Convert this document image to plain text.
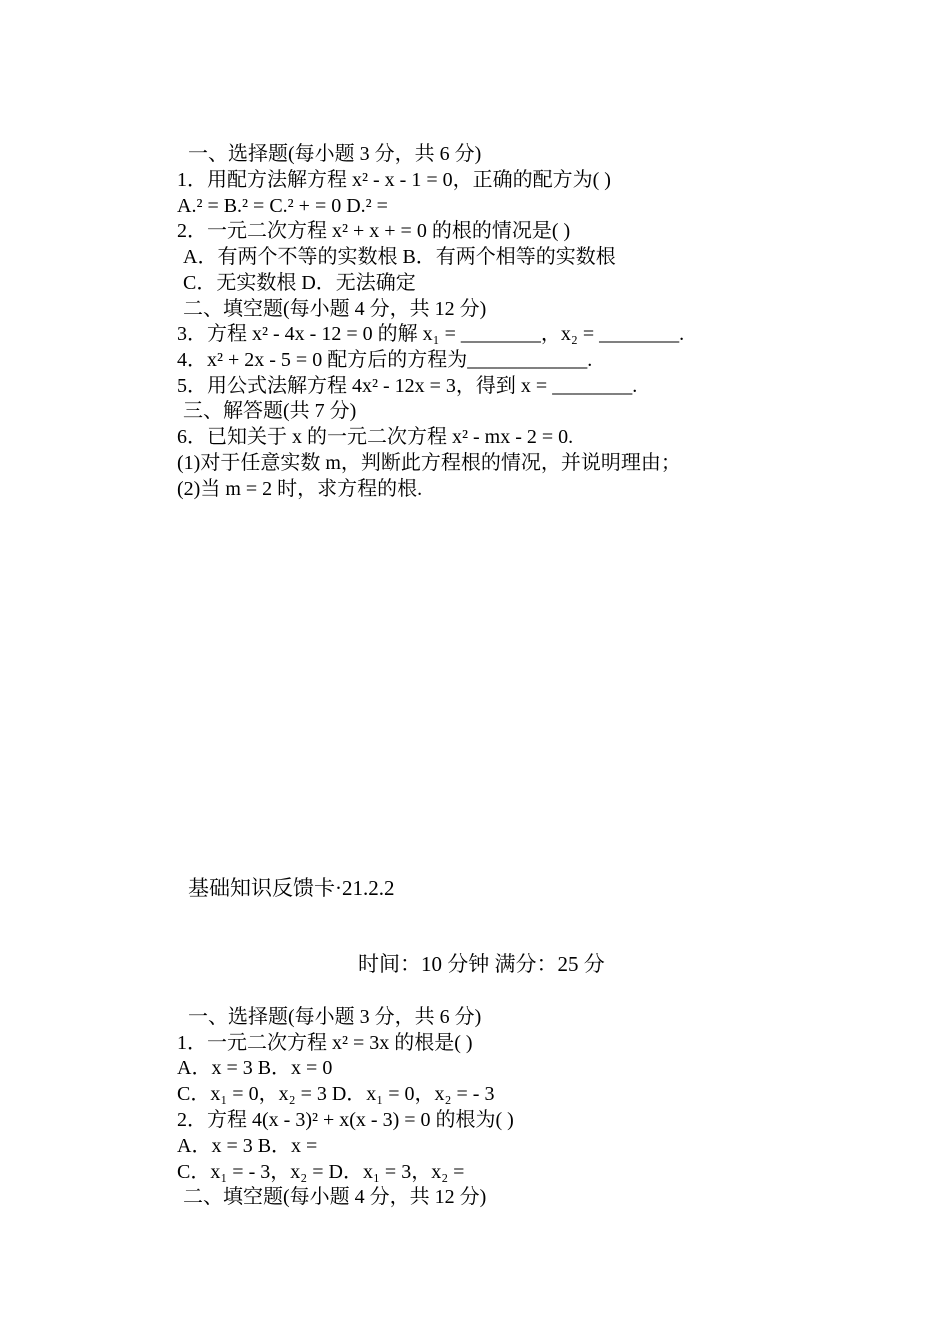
一、选择题(每小题 3 分，共 6 分)
1．用配方法解方程 x² - x - 1 = 0，正确的配方为( )
A.² = B.² = C.² + = 0 D.² =
2．一元二次方程 x² + x + = 0 的根的情况是( )
A．有两个不等的实数根 B．有两个相等的实数根
C．无实数根 D．无法确定
二、填空题(每小题 4 分，共 12 分)
3．方程 x² - 4x - 12 = 0 的解 x₁ = ________，x₂ = ________.
4．x² + 2x - 5 = 0 配方后的方程为____________.
5．用公式法解方程 4x² - 12x = 3，得到 x = ________.
三、解答题(共 7 分)
6．已知关于 x 的一元二次方程 x² - mx - 2 = 0.
(1)对于任意实数 m，判断此方程根的情况，并说明理由；
(2)当 m = 2 时，求方程的根.
基础知识反馈卡·21.2.2
时间：10 分钟 满分：25 分
一、选择题(每小题 3 分，共 6 分)
1．一元二次方程 x² = 3x 的根是( )
A．x = 3 B．x = 0
C．x₁ = 0，x₂ = 3 D．x₁ = 0，x₂ = - 3
2．方程 4(x - 3)² + x(x - 3) = 0 的根为( )
A．x = 3 B．x =
C．x₁ = - 3，x₂ = D．x₁ = 3，x₂ =
二、填空题(每小题 4 分，共 12 分)
